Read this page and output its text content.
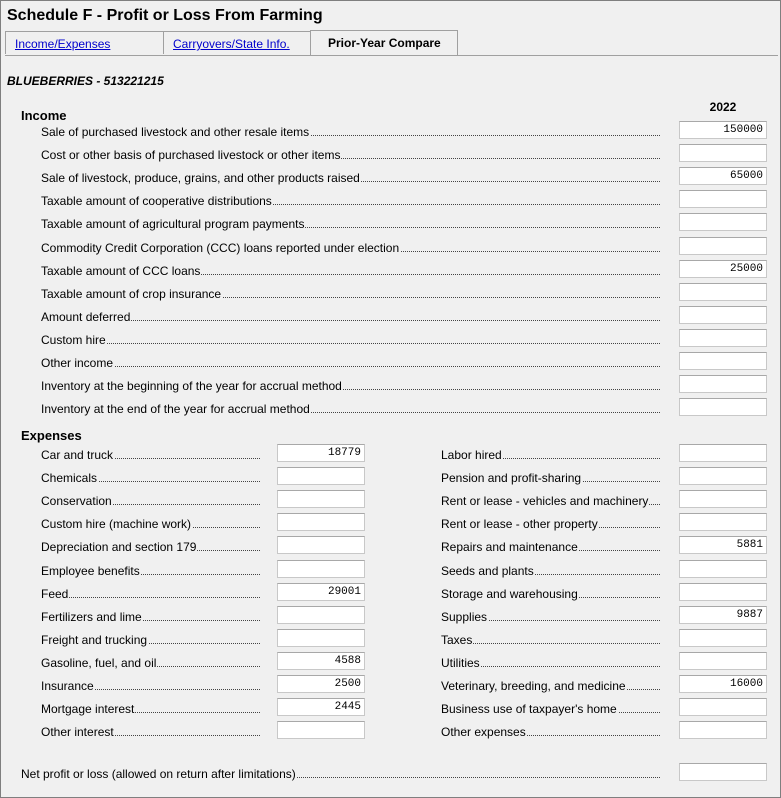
Schedule F - Profit or Loss From Farming
Income/Expenses	Carryovers/State Info.	Prior-Year Compare
BLUEBERRIES - 513221215
Income
2022
Sale of purchased livestock and other resale items	150000
Cost or other basis of purchased livestock or other items
Sale of livestock, produce, grains, and other products raised	65000
Taxable amount of cooperative distributions
Taxable amount of agricultural program payments
Commodity Credit Corporation (CCC) loans reported under election
Taxable amount of CCC loans	25000
Taxable amount of crop insurance
Amount deferred
Custom hire
Other income
Inventory at the beginning of the year for accrual method
Inventory at the end of the year for accrual method
Expenses
Car and truck	18779
Chemicals
Conservation
Custom hire (machine work)
Depreciation and section 179
Employee benefits
Feed	29001
Fertilizers and lime
Freight and trucking
Gasoline, fuel, and oil	4588
Insurance	2500
Mortgage interest	2445
Other interest
Labor hired
Pension and profit-sharing
Rent or lease - vehicles and machinery
Rent or lease - other property
Repairs and maintenance	5881
Seeds and plants
Storage and warehousing
Supplies	9887
Taxes
Utilities
Veterinary, breeding, and medicine	16000
Business use of taxpayer's home
Other expenses
Net profit or loss (allowed on return after limitations)
